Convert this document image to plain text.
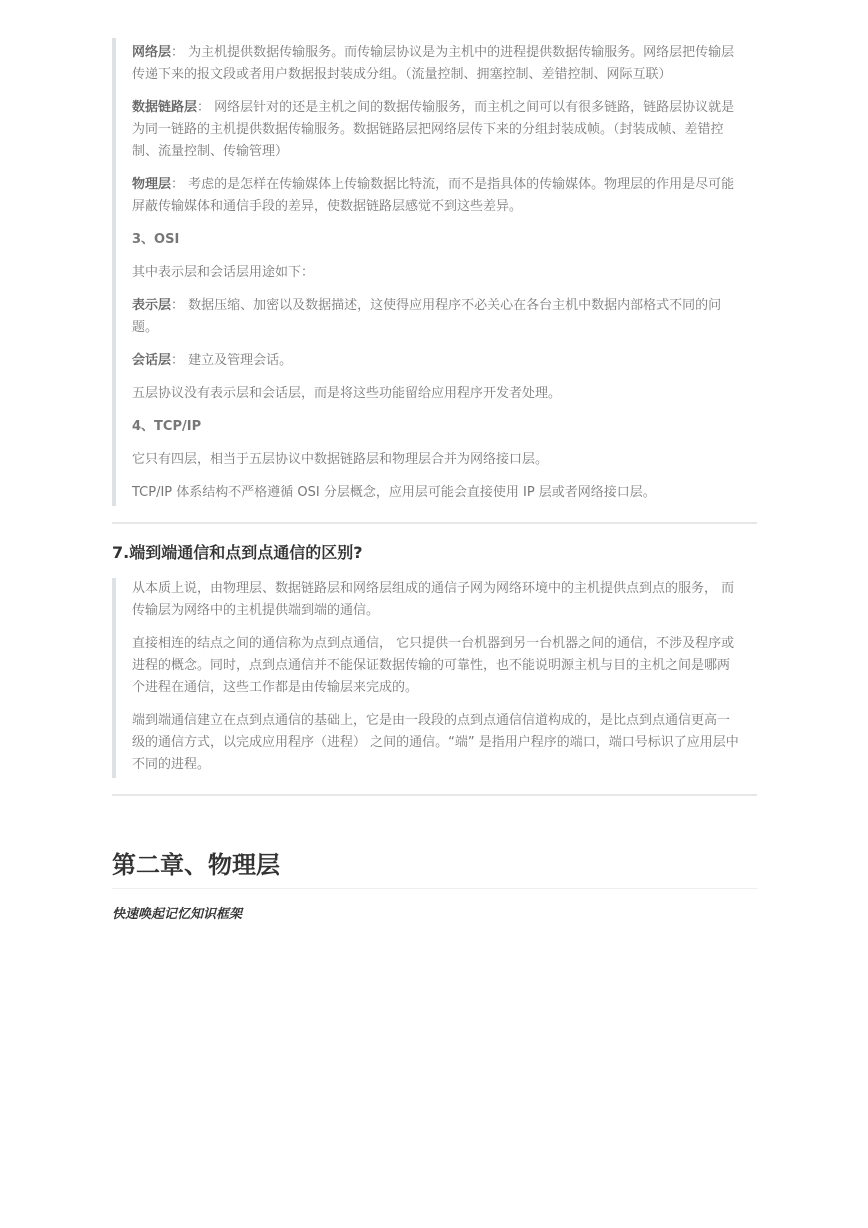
网络层： 为主机提供数据传输服务。而传输层协议是为主机中的进程提供数据传输服务。网络层把传输层传递下来的报文段或者用户数据报封装成分组。（流量控制、拥塞控制、差错控制、网际互联）

数据链路层： 网络层针对的还是主机之间的数据传输服务，而主机之间可以有很多链路，链路层协议就是为同一链路的主机提供数据传输服务。数据链路层把网络层传下来的分组封装成帧。（封装成帧、差错控制、流量控制、传输管理）

物理层： 考虑的是怎样在传输媒体上传输数据比特流，而不是指具体的传输媒体。物理层的作用是尽可能屏蔽传输媒体和通信手段的差异，使数据链路层感觉不到这些差异。

3、OSI

其中表示层和会话层用途如下：

表示层： 数据压缩、加密以及数据描述，这使得应用程序不必关心在各台主机中数据内部格式不同的问题。

会话层： 建立及管理会话。

五层协议没有表示层和会话层，而是将这些功能留给应用程序开发者处理。

4、TCP/IP

它只有四层，相当于五层协议中数据链路层和物理层合并为网络接口层。

TCP/IP 体系结构不严格遵循 OSI 分层概念，应用层可能会直接使用 IP 层或者网络接口层。

7.端到端通信和点到点通信的区别?

从本质上说，由物理层、数据链路层和网络层组成的通信子网为网络环境中的主机提供点到点的服务， 而传输层为网络中的主机提供端到端的通信。

直接相连的结点之间的通信称为点到点通信， 它只提供一台机器到另一台机器之间的通信，不涉及程序或进程的概念。同时，点到点通信并不能保证数据传输的可靠性，也不能说明源主机与目的主机之间是哪两个进程在通信，这些工作都是由传输层来完成的。

端到端通信建立在点到点通信的基础上，它是由一段段的点到点通信信道构成的，是比点到点通信更高一级的通信方式，以完成应用程序（进程） 之间的通信。“端” 是指用户程序的端口，端口号标识了应用层中不同的进程。

第二章、物理层
快速唤起记忆知识框架
